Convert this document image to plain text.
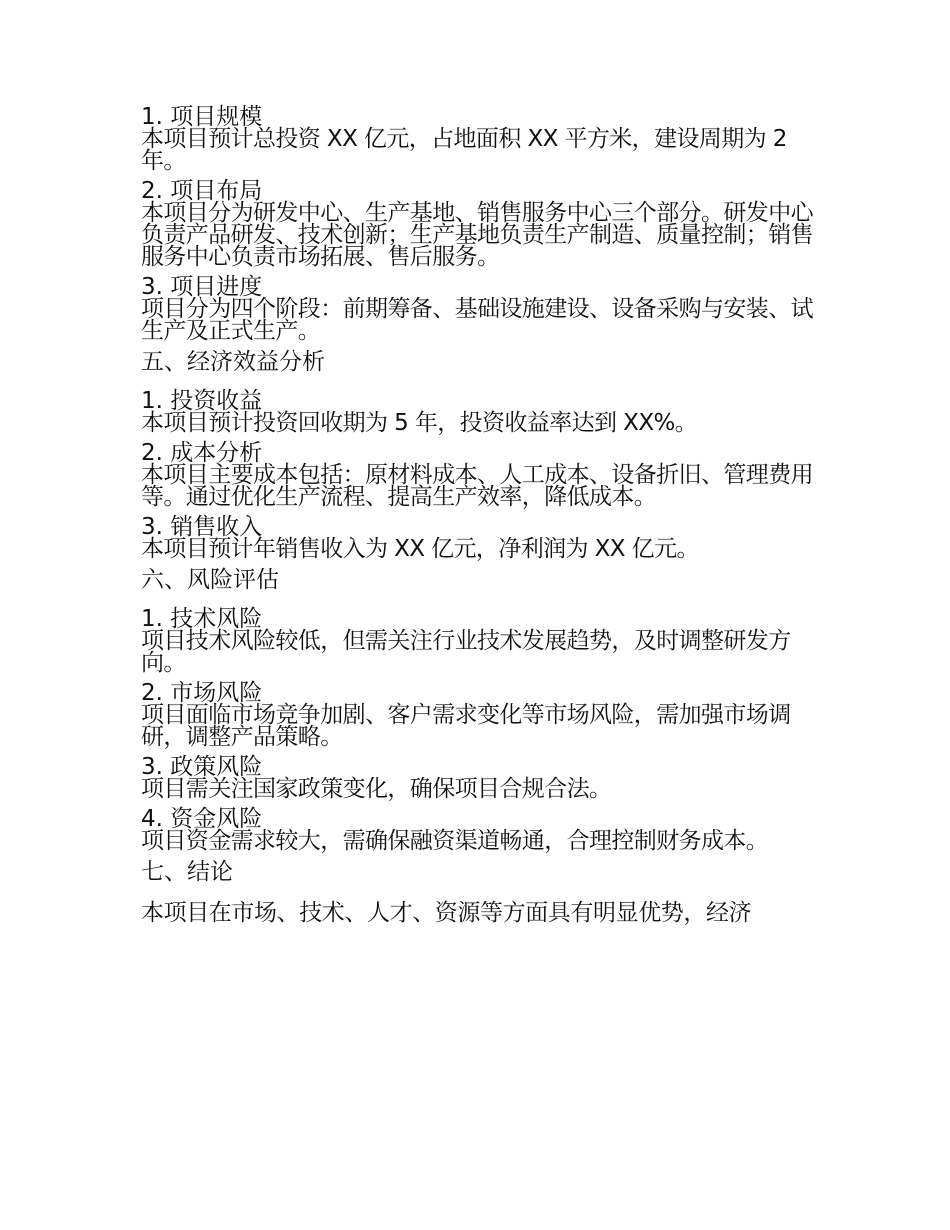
1. 项目规模
本项目预计总投资 XX 亿元，占地面积 XX 平方米，建设周期为 2 年。
2. 项目布局
本项目分为研发中心、生产基地、销售服务中心三个部分。研发中心负责产品研发、技术创新；生产基地负责生产制造、质量控制；销售服务中心负责市场拓展、售后服务。
3. 项目进度
项目分为四个阶段：前期筹备、基础设施建设、设备采购与安装、试生产及正式生产。
五、经济效益分析
1. 投资收益
本项目预计投资回收期为 5 年，投资收益率达到 XX%。
2. 成本分析
本项目主要成本包括：原材料成本、人工成本、设备折旧、管理费用等。通过优化生产流程、提高生产效率，降低成本。
3. 销售收入
本项目预计年销售收入为 XX 亿元，净利润为 XX 亿元。
六、风险评估
1. 技术风险
项目技术风险较低，但需关注行业技术发展趋势，及时调整研发方向。
2. 市场风险
项目面临市场竞争加剧、客户需求变化等市场风险，需加强市场调研，调整产品策略。
3. 政策风险
项目需关注国家政策变化，确保项目合规合法。
4. 资金风险
项目资金需求较大，需确保融资渠道畅通，合理控制财务成本。
七、结论
本项目在市场、技术、人才、资源等方面具有明显优势，经济
